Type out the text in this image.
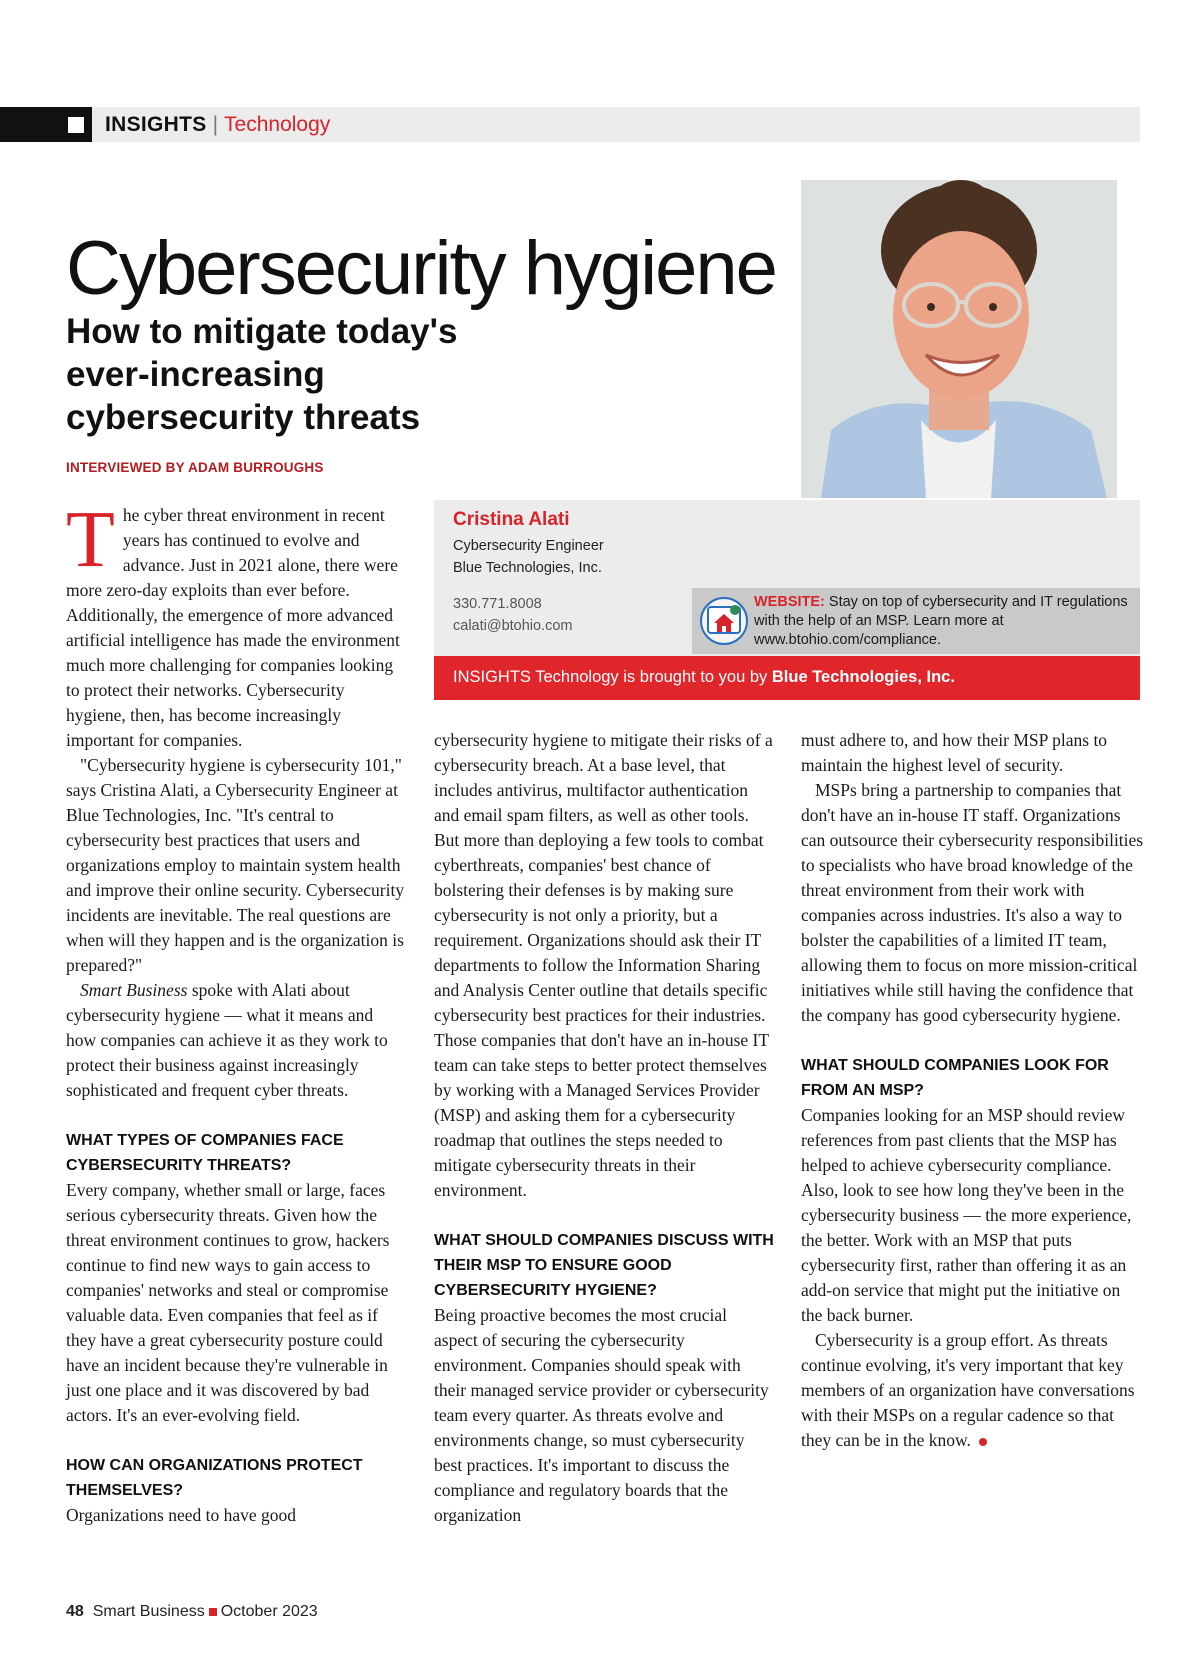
INSIGHTS | Technology
Cybersecurity hygiene
How to mitigate today's ever-increasing cybersecurity threats
INTERVIEWED BY ADAM BURROUGHS
Cristina Alati
Cybersecurity Engineer
Blue Technologies, Inc.
330.771.8008
calati@btohio.com
WEBSITE: Stay on top of cybersecurity and IT regulations with the help of an MSP. Learn more at www.btohio.com/compliance.
INSIGHTS Technology is brought to you by Blue Technologies, Inc.

The cyber threat environment in recent years has continued to evolve and advance. Just in 2021 alone, there were more zero-day exploits than ever before. Additionally, the emergence of more advanced artificial intelligence has made the environment much more challenging for companies looking to protect their networks. Cybersecurity hygiene, then, has become increasingly important for companies.

"Cybersecurity hygiene is cybersecurity 101," says Cristina Alati, a Cybersecurity Engineer at Blue Technologies, Inc. "It's central to cybersecurity best practices that users and organizations employ to maintain system health and improve their online security. Cybersecurity incidents are inevitable. The real questions are when will they happen and is the organization is prepared?"

Smart Business spoke with Alati about cybersecurity hygiene — what it means and how companies can achieve it as they work to protect their business against increasingly sophisticated and frequent cyber threats.

WHAT TYPES OF COMPANIES FACE CYBERSECURITY THREATS?

Every company, whether small or large, faces serious cybersecurity threats. Given how the threat environment continues to grow, hackers continue to find new ways to gain access to companies' networks and steal or compromise valuable data. Even companies that feel as if they have a great cybersecurity posture could have an incident because they're vulnerable in just one place and it was discovered by bad actors. It's an ever-evolving field.

HOW CAN ORGANIZATIONS PROTECT THEMSELVES?

Organizations need to have good

cybersecurity hygiene to mitigate their risks of a cybersecurity breach. At a base level, that includes antivirus, multifactor authentication and email spam filters, as well as other tools. But more than deploying a few tools to combat cyberthreats, companies' best chance of bolstering their defenses is by making sure cybersecurity is not only a priority, but a requirement. Organizations should ask their IT departments to follow the Information Sharing and Analysis Center outline that details specific cybersecurity best practices for their industries. Those companies that don't have an in-house IT team can take steps to better protect themselves by working with a Managed Services Provider (MSP) and asking them for a cybersecurity roadmap that outlines the steps needed to mitigate cybersecurity threats in their environment.

WHAT SHOULD COMPANIES DISCUSS WITH THEIR MSP TO ENSURE GOOD CYBERSECURITY HYGIENE?

Being proactive becomes the most crucial aspect of securing the cybersecurity environment. Companies should speak with their managed service provider or cybersecurity team every quarter. As threats evolve and environments change, so must cybersecurity best practices. It's important to discuss the compliance and regulatory boards that the organization

must adhere to, and how their MSP plans to maintain the highest level of security.

MSPs bring a partnership to companies that don't have an in-house IT staff. Organizations can outsource their cybersecurity responsibilities to specialists who have broad knowledge of the threat environment from their work with companies across industries. It's also a way to bolster the capabilities of a limited IT team, allowing them to focus on more mission-critical initiatives while still having the confidence that the company has good cybersecurity hygiene.

WHAT SHOULD COMPANIES LOOK FOR FROM AN MSP?

Companies looking for an MSP should review references from past clients that the MSP has helped to achieve cybersecurity compliance. Also, look to see how long they've been in the cybersecurity business — the more experience, the better. Work with an MSP that puts cybersecurity first, rather than offering it as an add-on service that might put the initiative on the back burner.

Cybersecurity is a group effort. As threats continue evolving, it's very important that key members of an organization have conversations with their MSPs on a regular cadence so that they can be in the know.

48 Smart Business October 2023
